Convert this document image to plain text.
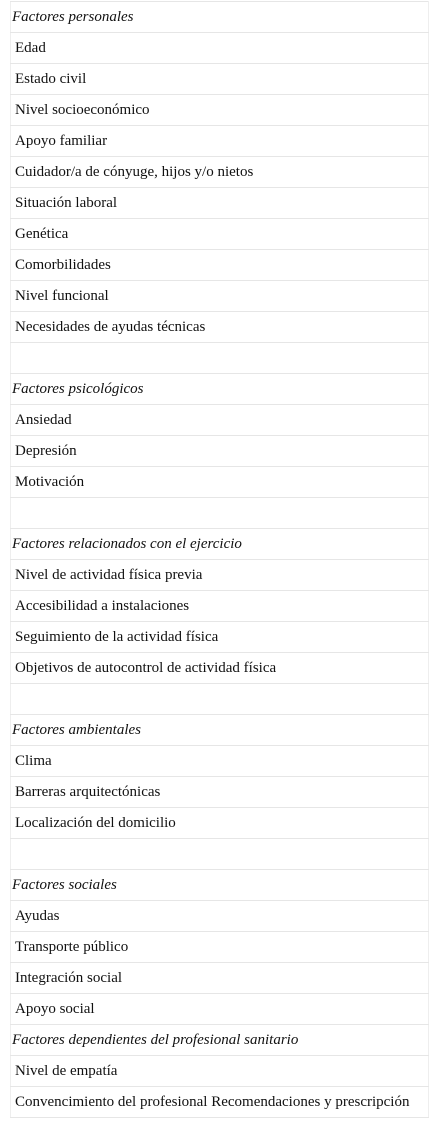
Factores personales
Edad
Estado civil
Nivel socioeconómico
Apoyo familiar
Cuidador/a de cónyuge, hijos y/o nietos
Situación laboral
Genética
Comorbilidades
Nivel funcional
Necesidades de ayudas técnicas

Factores psicológicos
Ansiedad
Depresión
Motivación

Factores relacionados con el ejercicio
Nivel de actividad física previa
Accesibilidad a instalaciones
Seguimiento de la actividad física
Objetivos de autocontrol de actividad física

Factores ambientales
Clima
Barreras arquitectónicas
Localización del domicilio

Factores sociales
Ayudas
Transporte público
Integración social
Apoyo social
Factores dependientes del profesional sanitario
Nivel de empatía
Convencimiento del profesional Recomendaciones y prescripción
